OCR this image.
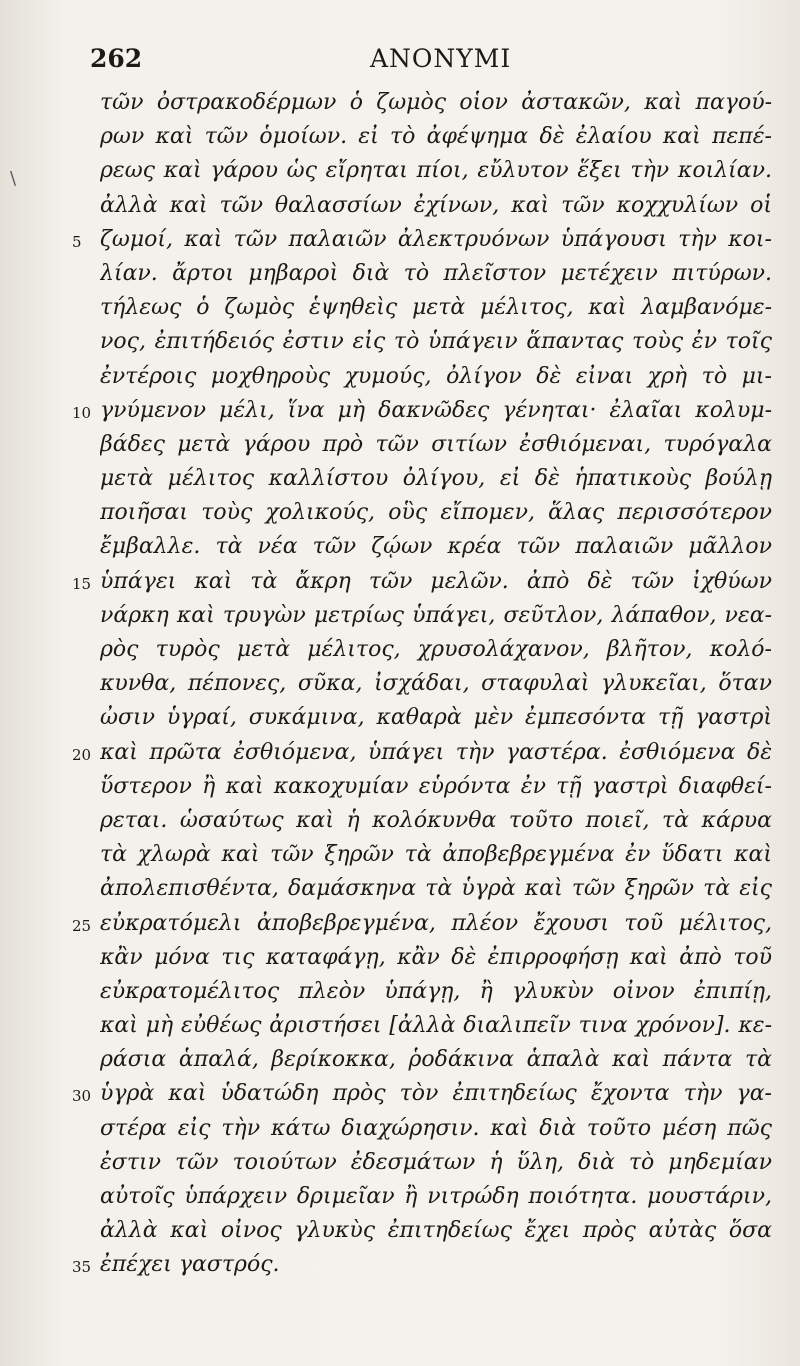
262	ANONYMI
\
τῶν ὀστρακοδέρμων ὁ ζωμὸς οἷον ἀστακῶν, καὶ παγού-
ρων καὶ τῶν ὁμοίων. εἰ τὸ ἀφέψημα δὲ ἐλαίου καὶ πεπέ-
ρεως καὶ γάρου ὡς εἴρηται πίοι, εὔλυτον ἕξει τὴν κοιλίαν.
ἀλλὰ καὶ τῶν θαλασσίων ἐχίνων, καὶ τῶν κοχχυλίων οἱ
5 ζωμοί, καὶ τῶν παλαιῶν ἀλεκτρυόνων ὑπάγουσι τὴν κοι-
λίαν. ἄρτοι μηβαροὶ διὰ τὸ πλεῖστον μετέχειν πιτύρων.
τήλεως ὁ ζωμὸς ἑψηθεὶς μετὰ μέλιτος, καὶ λαμβανόμε-
νος, ἐπιτήδειός ἐστιν εἰς τὸ ὑπάγειν ἅπαντας τοὺς ἐν τοῖς
ἐντέροις μοχθηροὺς χυμούς, ὀλίγον δὲ εἶναι χρὴ τὸ μι-
10 γνύμενον μέλι, ἵνα μὴ δακνῶδες γένηται· ἐλαῖαι κολυμ-
βάδες μετὰ γάρου πρὸ τῶν σιτίων ἐσθιόμεναι, τυρόγαλα
μετὰ μέλιτος καλλίστου ὀλίγου, εἰ δὲ ἡπατικοὺς βούλῃ
ποιῆσαι τοὺς χολικούς, οὓς εἴπομεν, ἅλας περισσότερον
ἔμβαλλε. τὰ νέα τῶν ζῴων κρέα τῶν παλαιῶν μᾶλλον
15 ὑπάγει καὶ τὰ ἄκρη τῶν μελῶν. ἀπὸ δὲ τῶν ἰχθύων
νάρκη καὶ τρυγὼν μετρίως ὑπάγει, σεῦτλον, λάπαθον, νεα-
ρὸς τυρὸς μετὰ μέλιτος, χρυσολάχανον, βλῆτον, κολό-
κυνθα, πέπονες, σῦκα, ἰσχάδαι, σταφυλαὶ γλυκεῖαι, ὅταν
ὦσιν ὑγραί, συκάμινα, καθαρὰ μὲν ἐμπεσόντα τῇ γαστρὶ
20 καὶ πρῶτα ἐσθιόμενα, ὑπάγει τὴν γαστέρα. ἐσθιόμενα δὲ
ὕστερον ἢ καὶ κακοχυμίαν εὑρόντα ἐν τῇ γαστρὶ διαφθεί-
ρεται. ὡσαύτως καὶ ἡ κολόκυνθα τοῦτο ποιεῖ, τὰ κάρυα
τὰ χλωρὰ καὶ τῶν ξηρῶν τὰ ἀποβεβρεγμένα ἐν ὕδατι καὶ
ἀπολεπισθέντα, δαμάσκηνα τὰ ὑγρὰ καὶ τῶν ξηρῶν τὰ εἰς
25 εὐκρατόμελι ἀποβεβρεγμένα, πλέον ἔχουσι τοῦ μέλιτος,
κἂν μόνα τις καταφάγῃ, κἂν δὲ ἐπιρροφήσῃ καὶ ἀπὸ τοῦ
εὐκρατομέλιτος πλεὸν ὑπάγῃ, ἢ γλυκὺν οἶνον ἐπιπίῃ,
καὶ μὴ εὐθέως ἀριστήσει [ἀλλὰ διαλιπεῖν τινα χρόνον]. κε-
ράσια ἁπαλά, βερίκοκκα, ῥοδάκινα ἁπαλὰ καὶ πάντα τὰ
30 ὑγρὰ καὶ ὑδατώδη πρὸς τὸν ἐπιτηδείως ἔχοντα τὴν γα-
στέρα εἰς τὴν κάτω διαχώρησιν. καὶ διὰ τοῦτο μέση πῶς
ἐστιν τῶν τοιούτων ἐδεσμάτων ἡ ὕλη, διὰ τὸ μηδεμίαν
αὐτοῖς ὑπάρχειν δριμεῖαν ἢ νιτρώδη ποιότητα. μουστάριν,
ἀλλὰ καὶ οἶνος γλυκὺς ἐπιτηδείως ἔχει πρὸς αὐτὰς ὅσα
35 ἐπέχει γαστρός.
